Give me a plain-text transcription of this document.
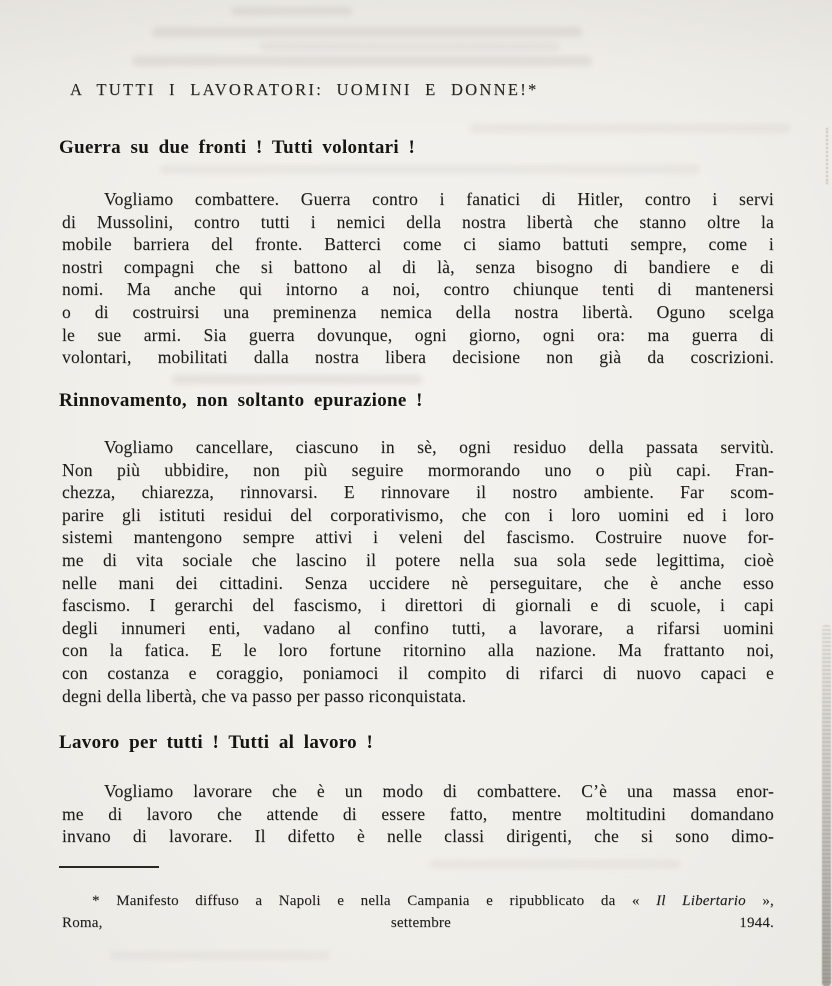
A TUTTI I LAVORATORI: UOMINI E DONNE!*
Guerra su due fronti ! Tutti volontari !
Vogliamo combattere. Guerra contro i fanatici di Hitler, contro i servi
di Mussolini, contro tutti i nemici della nostra libertà che stanno oltre la
mobile barriera del fronte. Batterci come ci siamo battuti sempre, come i
nostri compagni che si battono al di là, senza bisogno di bandiere e di
nomi. Ma anche qui intorno a noi, contro chiunque tenti di mantenersi
o di costruirsi una preminenza nemica della nostra libertà. Oguno scelga
le sue armi. Sia guerra dovunque, ogni giorno, ogni ora: ma guerra di
volontari, mobilitati dalla nostra libera decisione non già da coscrizioni.
Rinnovamento, non soltanto epurazione !
Vogliamo cancellare, ciascuno in sè, ogni residuo della passata servitù.
Non più ubbidire, non più seguire mormorando uno o più capi. Fran-
chezza, chiarezza, rinnovarsi. E rinnovare il nostro ambiente. Far scom-
parire gli istituti residui del corporativismo, che con i loro uomini ed i loro
sistemi mantengono sempre attivi i veleni del fascismo. Costruire nuove for-
me di vita sociale che lascino il potere nella sua sola sede legittima, cioè
nelle mani dei cittadini. Senza uccidere nè perseguitare, che è anche esso
fascismo. I gerarchi del fascismo, i direttori di giornali e di scuole, i capi
degli innumeri enti, vadano al confino tutti, a lavorare, a rifarsi uomini
con la fatica. E le loro fortune ritornino alla nazione. Ma frattanto noi,
con costanza e coraggio, poniamoci il compito di rifarci di nuovo capaci e
degni della libertà, che va passo per passo riconquistata.
Lavoro per tutti ! Tutti al lavoro !
Vogliamo lavorare che è un modo di combattere. C’è una massa enor-
me di lavoro che attende di essere fatto, mentre moltitudini domandano
invano di lavorare. Il difetto è nelle classi dirigenti, che si sono dimo-
* Manifesto diffuso a Napoli e nella Campania e ripubblicato da « Il Libertario »,
Roma, settembre 1944.
